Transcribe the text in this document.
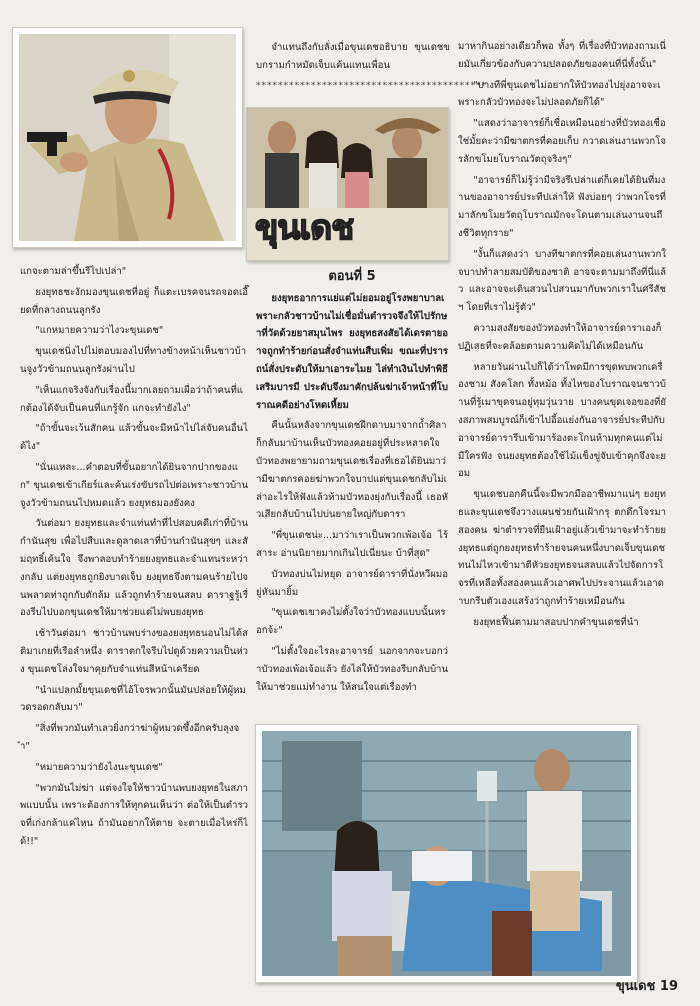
ขุนเดช

จำแทนถึงกับลั่งเมื่อขุนเดชอธิบาย ขุนเดชขบกรามกำหมัดเจ็บแค้นแทนเพื่อน

******************************************

แกจะตามล่าขึ้นรีไปเปล่า"

ยงยุทธชะงักมองขุนเดชที่อยู่ ก็แตะเบรคจนรถจอดเอี๊ยดที่กลางถนนลูกรัง

"แกหมายความว่าไงวะขุนเดช"

ขุนเดชนิ่งไปไม่ตอบมองไปที่ทางข้างหน้าเห็นชาวบ้านจูงวัวข้ามถนนลูกรังผ่านไป

"เห็นแกจริงจังกับเรื่องนี้มากเลยถามเผื่อว่าถ้าคนที่แกต้องได้จับเป็นคนที่แกรู้จัก แกจะทำยังไง"

"ถ้าขั้นจะเว้นสักคน แล้วขั้นจะมีหน้าไปไล่จับคนอื่นได้ไง"

"นั่นแหละ...คำตอบที่ขั้นอยากได้ยินจากปากของแก" ขุนเดชเข้าเกียร์และค้นเร่งขับรถไปต่อเพราะชาวบ้านจูงวัวข้ามถนนไปหมดแล้ว ยงยุทธมองยังคง

วันต่อมา ยงยุทธและจำแท่นทำที่ไปสอบคดีเก่าที่บ้านกำนันสุข เพื่อไปสืบและดูลาดเลาที่บ้านกำนันสุขๆ และสัมฤทธิ์เค้นใจ จึงพาลอบทำร้ายยงยุทธและจำแทนระหว่างกลับ แต่ยงยุทธถูกยิงบาดเจ็บ ยงยุทธจึงตามคนร้ายไปจนพลาดท่าถูกกับดักล้ม แล้วถูกทำร้ายจนสลบ ดาราฐรู้เรื่องรีบไปบอกขุนเดชให้มาช่วยแต่ไม่พบยงยุทธ

เช้าวันต่อมา ชาวบ้านพบร่างของยงยุทธนอนไม่ได้สติมาเกยที่เรือลำหนึ่ง ดาราตกใจรีบไปดูด้วยความเป็นห่วง ขุนเดชโล่งใจมาคุยกับจำแท่นสีหน้าเครียด

"นำแปลกมั้ยขุนเดชที่ไอ้โจรพวกนั้นมันปล่อยให้ผู้หมวดรอดกลับมา"

"สิ่งที่พวกมันทำเลวยิ่งกว่าฆ่าผู้หมวดซึ้งอีกครับลุงจำ"

"หมายความว่ายังไงนะขุนเดช"

"พวกมันไม่ฆ่า แต่จงใจให้ชาวบ้านพบยงยุทธในสภาพแบบนั้น เพราะต้องการให้ทุกคนเห็นว่า ต่อให้เป็นตำรวจที่เก่งกล้าแค่ไหน ถ้ามันอยากให้ตาย จะตายเมื่อไหร่ก็ได้!!"

ตอนที่ 5

ยงยุทธอาการแย่แต่ไม่ยอมอยู่โรงพยาบาลเพราะกลัวชาวบ้านไม่เชื่อมั่นตำรวจจึงให้ไปรักษาที่วัดด้วยยาสมุนไพร ยงยุทธสงสัยได้เดรตายอาจถูกทำร้ายก่อนสั่งจำแท่นสืบเพิ่ม ขณะที่ปรารถน์สั่งประดับให้มาเอาระไมย ไล่ทำเงินไปทำพิธีเสริมบารมี ประดับจึงมาคักปล้นฆ่าเจ้าหน้าที่โบราณคดีอย่างโหดเหี้ยม

คืนนั้นหลังจากขุนเดชฝึกดาบมาจากถ้ำศิลาก็กลับมาบ้านเห็นบัวทองคอยอยู่ที่ประหลาดใจ บัวทองพยายามถามขุนเดชเรื่องที่เธอได้ยินมาว่ามีฆาตกรคอยฆ่าพวกใจบาปแต่ขุนเดชกลับไม่เล่าอะไรให้ฟังแล้วห้ามบัวทองยุ่งกับเรื่องนี้ เธอหัวเสียกลับบ้านไปบ่นยายใหญ่กับดารา

"พี่ขุนเดชน่ะ...มาว่าเราเป็นพวกเพ้อเจ้อ ไร้สาระ อ่านนิยายมากเกินไปเนี่ยนะ บ้าที่สุด"

บัวทองบ่นไม่หยุด อาจารย์ดาราที่นั่งหวีผมอยู่หันมายิ้ม

"ขุนเดชเขาคงไม่ตั้งใจว่าบัวทองแบบนั้นหรอกจ้ะ"

"ไม่ตั้งใจอะไรละอาจารย์ นอกจากจะบอกว่าบัวทองเพ้อเจ้อแล้ว ยังไล่ให้บัวทองรีบกลับบ้าน ให้มาช่วยแม่ทำงาน ให้สนใจแต่เรื่องทำ

มาหากินอย่างเดียวก็พอ ทั้งๆ ที่เรื่องที่บัวทองถามเนี่ยมันเกี่ยวข้องกับความปลอดภัยของคนที่นี่ทั้งนั้น"

"บางทีพี่ขุนเดชไม่อยากให้บัวทองไปยุ่งอาจจะเพราะกลัวบัวทองจะไม่ปลอดภัยก็ได้"

"แสดงว่าอาจารย์ก็เชื่อเหมือนอย่างที่บัวทองเชื่อใช่มั้ยคะว่ามีฆาตกรที่คอยเก็บ กวาดเล่นงานพวกโจรลักขโมยโบราณวัตถุจริงๆ"

"อาจารย์ก็ไม่รู้ว่ามีจริงรึเปล่าแต่ก็เคยได้ยินที่มงานของอาจารย์ประทีปเล่าให้ ฟังบ่อยๆ ว่าพวกโจรที่มาลักขโมยวัตถุโบราณมักจะโดนตามเล่นงานจนถึงชีวิตทุกราย"

"งั้นก็แสดงว่า บางทีฆาตกรที่คอยเล่นงานพวกใจบาปทำลายสมบัติของชาติ อาจจะตามมาถึงที่นี่แล้ว และอาจจะเดินสวนไปสวนมากับพวกเราในศรีสัชฯ โดยที่เราไม่รู้ตัว"

ความสงสัยของบัวทองทำให้อาจารย์ดาราเองก็ปฏิเสธที่จะคล้อยตามความคิดไม่ได้เหมือนกัน

หลายวันผ่านไปก็ได้ว่าโพดมีการขุดพบพวกเครื่องชาม สังคโลก ทั้งหม้อ ทั้งไหของโบราณจนชาวบ้านที่รู้เมาขุดจนอยู่ทุมวุ่นวาย บางคนขุดเจอของที่ยังสภาพสมบูรณ์ก็เข้าไปอี้อแย่งกันอาจารย์ประทีปกับอาจารย์ดารารีบเข้ามาร้องตะโกนห้ามทุกคนแต่ไม่มีใครฟัง จนยงยุทธต้องใช้ไม้แข็งขู่จับเข้าคุกจึงจะยอม

ขุนเดชบอกคืนนี้จะมีพวกมืออาชีพมาแน่ๆ ยงยุทธและขุนเดชจึงวางแผนช่วยกันเฝ้ากรุ ตกดึกโจรมาสองคน ฆ่าตำรวจที่ยืนเฝ้าอยู่แล้วเข้ามาจะทำร้ายยงยุทธแต่ถูกยงยุทธทำร้ายจนคนหนึ่งบาดเจ็บขุนเดชทนไม่ไหวเข้ามาตีหัวยงยุทธจนสลบแล้วไปจัดการโจรที่เหลือทั้งสองคนแล้วเอาศพไปประจานแล้วเอาดาบกรีบตัวเองแสร้งว่าถูกทำร้ายเหมือนกัน

ยงยุทธฟื้นตามมาสอบปากคำขุนเดชที่นำ

ขุนเดช 19
